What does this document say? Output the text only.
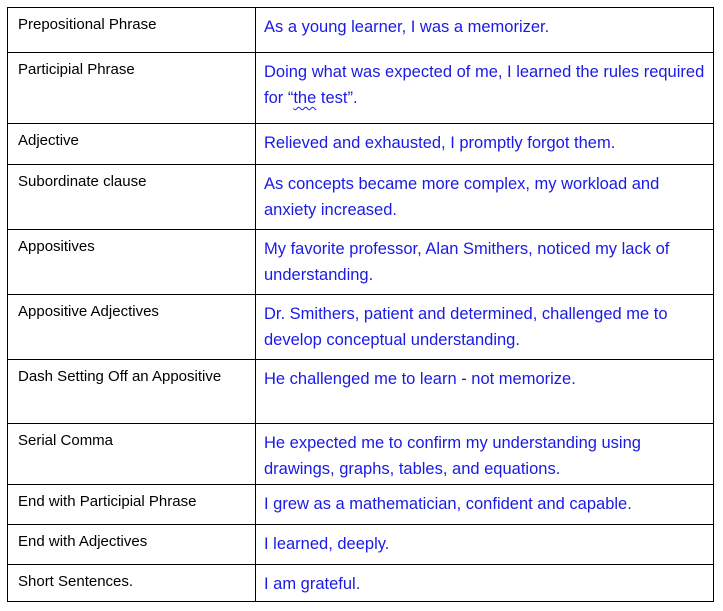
Prepositional Phrase	As a young learner, I was a memorizer.
Participial Phrase	Doing what was expected of me, I learned the rules required for “the test”.
Adjective	Relieved and exhausted, I promptly forgot them.
Subordinate clause	As concepts became more complex, my workload and anxiety increased.
Appositives	My favorite professor, Alan Smithers, noticed my lack of understanding.
Appositive Adjectives	Dr. Smithers, patient and determined, challenged me to develop conceptual understanding.
Dash Setting Off an Appositive	He challenged me to learn - not memorize.
Serial Comma	He expected me to confirm my understanding using drawings, graphs, tables, and equations.
End with Participial Phrase	I grew as a mathematician, confident and capable.
End with Adjectives	I learned, deeply.
Short Sentences.	I am grateful.
